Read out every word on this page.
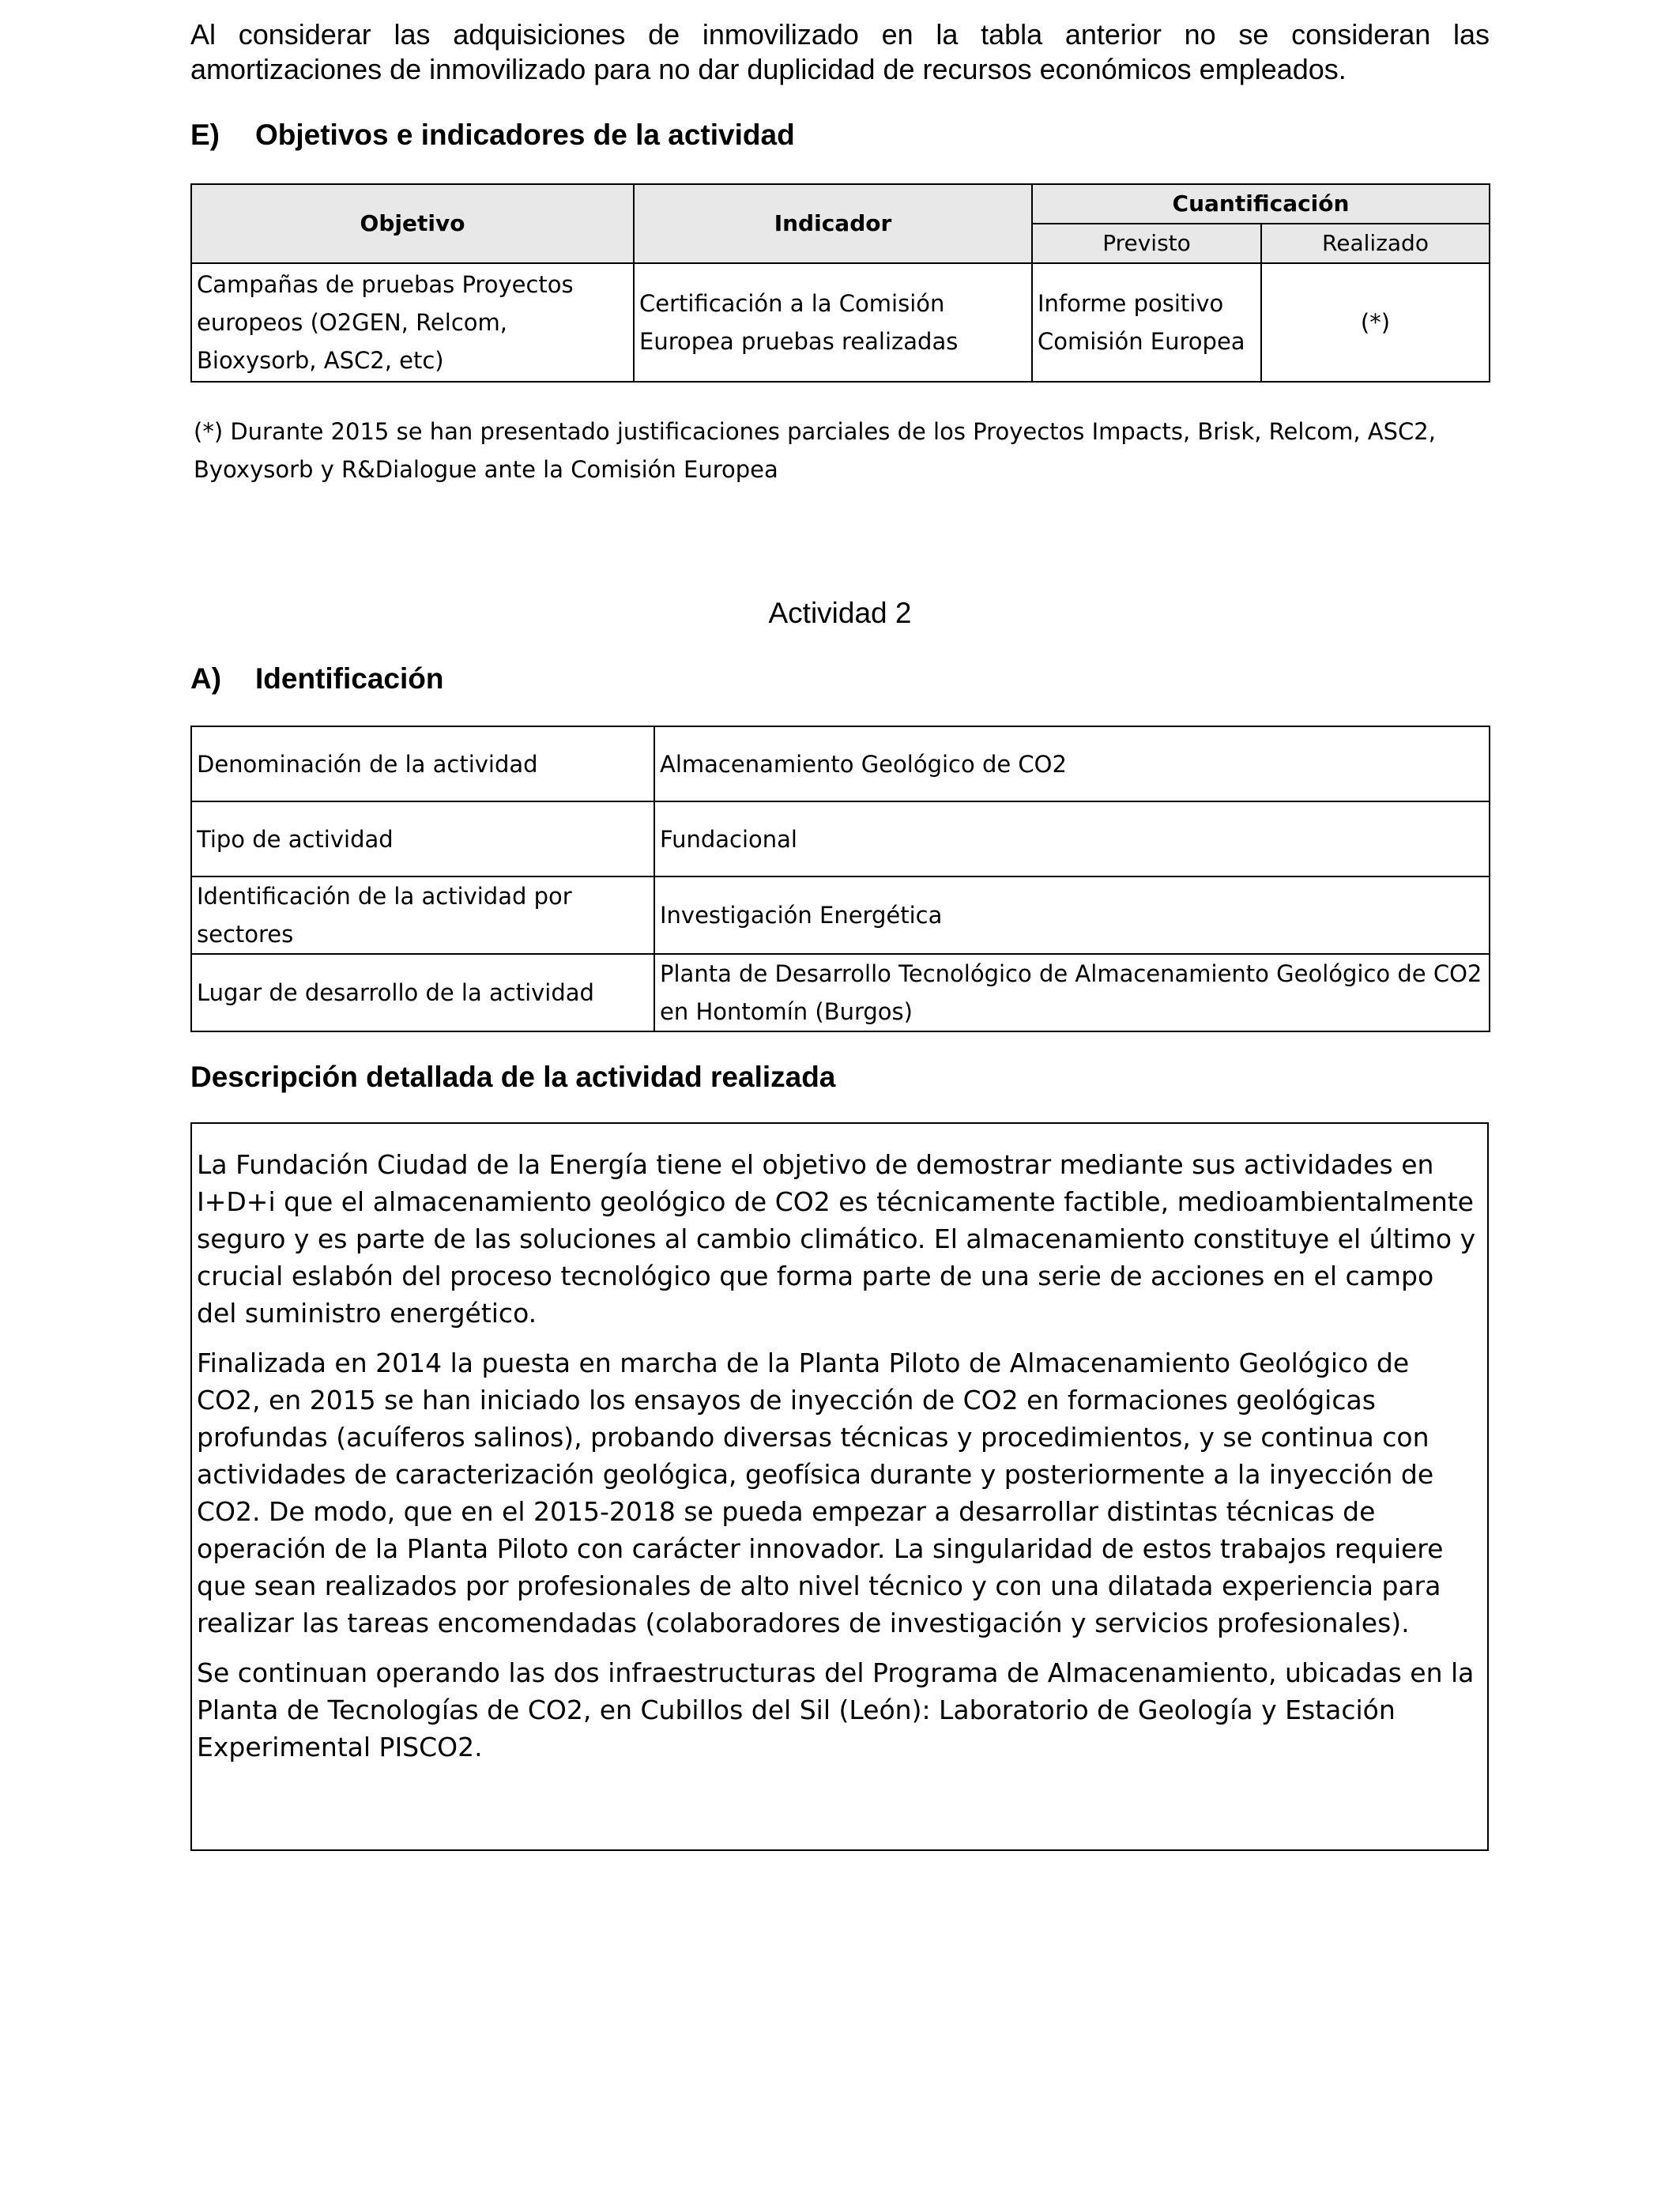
Al considerar las adquisiciones de inmovilizado en la tabla anterior no se consideran las amortizaciones de inmovilizado para no dar duplicidad de recursos económicos empleados.

E) Objetivos e indicadores de la actividad
Objetivo	Indicador	Cuantificación	
		Previsto	Realizado
Campañas de pruebas Proyectos europeos (O2GEN, Relcom, Bioxysorb, ASC2, etc)	Certificación a la Comisión Europea pruebas realizadas	Informe positivo Comisión Europea	(*)

(*) Durante 2015 se han presentado justificaciones parciales de los Proyectos Impacts, Brisk, Relcom, ASC2, Byoxysorb y R&Dialogue ante la Comisión Europea

Actividad 2

A) Identificación
Denominación de la actividad	Almacenamiento Geológico de CO2
Tipo de actividad	Fundacional
Identificación de la actividad por sectores	Investigación Energética
Lugar de desarrollo de la actividad	Planta de Desarrollo Tecnológico de Almacenamiento Geológico de CO2 en Hontomín (Burgos)
Descripción detallada de la actividad realizada

La Fundación Ciudad de la Energía tiene el objetivo de demostrar mediante sus actividades en I+D+i que el almacenamiento geológico de CO2 es técnicamente factible, medioambientalmente seguro y es parte de las soluciones al cambio climático. El almacenamiento constituye el último y crucial eslabón del proceso tecnológico que forma parte de una serie de acciones en el campo del suministro energético.

Finalizada en 2014 la puesta en marcha de la Planta Piloto de Almacenamiento Geológico de CO2, en 2015 se han iniciado los ensayos de inyección de CO2 en formaciones geológicas profundas (acuíferos salinos), probando diversas técnicas y procedimientos, y se continua con actividades de caracterización geológica, geofísica durante y posteriormente a la inyección de CO2. De modo, que en el 2015-2018 se pueda empezar a desarrollar distintas técnicas de operación de la Planta Piloto con carácter innovador. La singularidad de estos trabajos requiere que sean realizados por profesionales de alto nivel técnico y con una dilatada experiencia para realizar las tareas encomendadas (colaboradores de investigación y servicios profesionales).

Se continuan operando las dos infraestructuras del Programa de Almacenamiento, ubicadas en la Planta de Tecnologías de CO2, en Cubillos del Sil (León): Laboratorio de Geología y Estación Experimental PISCO2.
